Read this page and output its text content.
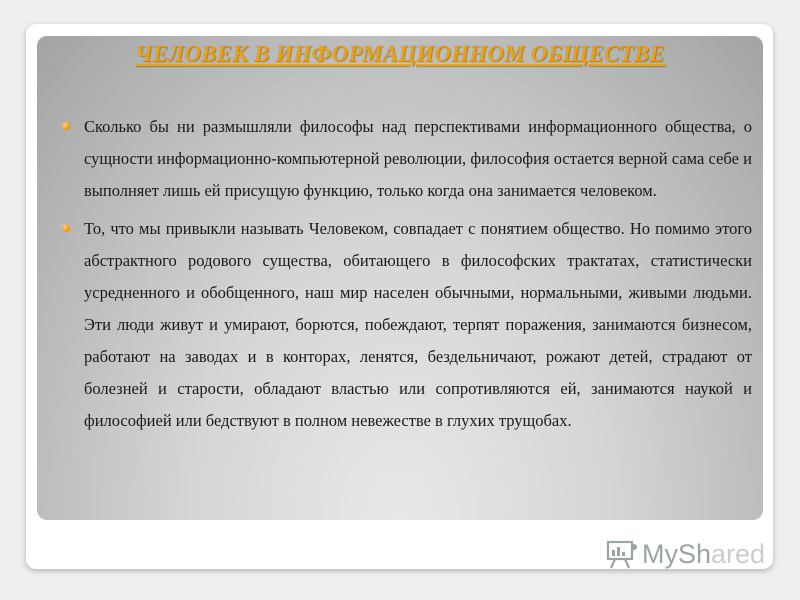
ЧЕЛОВЕК В ИНФОРМАЦИОННОМ ОБЩЕСТВЕ
Сколько бы ни размышляли философы над перспективами информационного общества, о сущности информационно-компьютерной революции, философия остается верной сама себе и выполняет лишь ей присущую функцию, только когда она занимается человеком.
То, что мы привыкли называть Человеком, совпадает с понятием общество. Но помимо этого абстрактного родового существа, обитающего в философских трактатах, статистически усредненного и обобщенного, наш мир населен обычными, нормальными, живыми людьми. Эти люди живут и умирают, борются, побеждают, терпят поражения, занимаются бизнесом, работают на заводах и в конторах, ленятся, бездельничают, рожают детей, страдают от болезней и старости, обладают властью или сопротивляются ей, занимаются наукой и философией или бедствуют в полном невежестве в глухих трущобах.
MyShared
